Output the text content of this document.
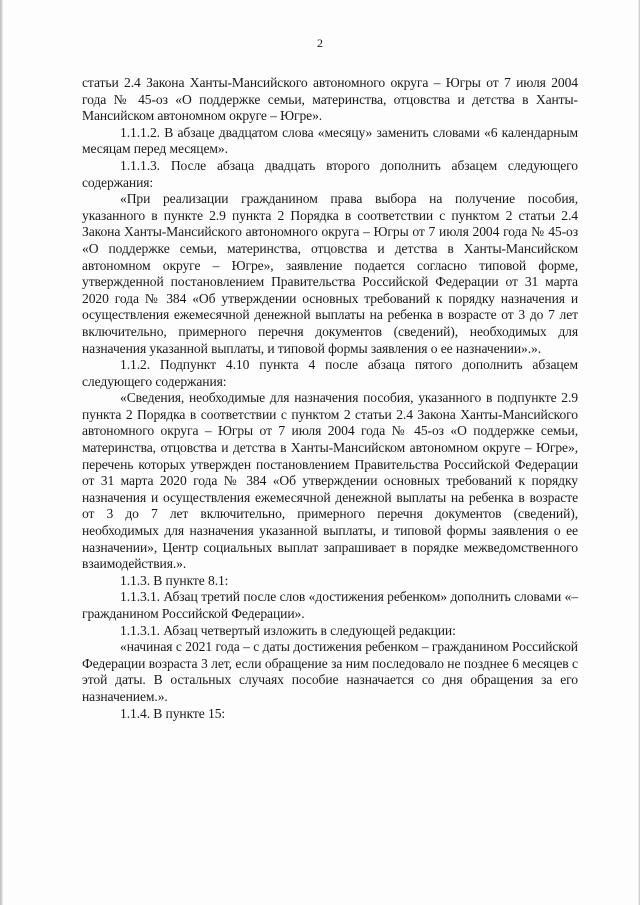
2

статьи 2.4 Закона Ханты-Мансийского автономного округа – Югры от 7 июля 2004 года № 45-оз «О поддержке семьи, материнства, отцовства и детства в Ханты-Мансийском автономном округе – Югре».

1.1.1.2. В абзаце двадцатом слова «месяцу» заменить словами «6 календарным месяцам перед месяцем».

1.1.1.3. После абзаца двадцать второго дополнить абзацем следующего содержания:

«При реализации гражданином права выбора на получение пособия, указанного в пункте 2.9 пункта 2 Порядка в соответствии с пунктом 2 статьи 2.4 Закона Ханты-Мансийского автономного округа – Югры от 7 июля 2004 года № 45-оз «О поддержке семьи, материнства, отцовства и детства в Ханты-Мансийском автономном округе – Югре», заявление подается согласно типовой форме, утвержденной постановлением Правительства Российской Федерации от 31 марта 2020 года № 384 «Об утверждении основных требований к порядку назначения и осуществления ежемесячной денежной выплаты на ребенка в возрасте от 3 до 7 лет включительно, примерного перечня документов (сведений), необходимых для назначения указанной выплаты, и типовой формы заявления о ее назначении».».

1.1.2. Подпункт 4.10 пункта 4 после абзаца пятого дополнить абзацем следующего содержания:

«Сведения, необходимые для назначения пособия, указанного в подпункте 2.9 пункта 2 Порядка в соответствии с пунктом 2 статьи 2.4 Закона Ханты-Мансийского автономного округа – Югры от 7 июля 2004 года № 45-оз «О поддержке семьи, материнства, отцовства и детства в Ханты-Мансийском автономном округе – Югре», перечень которых утвержден постановлением Правительства Российской Федерации от 31 марта 2020 года № 384 «Об утверждении основных требований к порядку назначения и осуществления ежемесячной денежной выплаты на ребенка в возрасте от 3 до 7 лет включительно, примерного перечня документов (сведений), необходимых для назначения указанной выплаты, и типовой формы заявления о ее назначении», Центр социальных выплат запрашивает в порядке межведомственного взаимодействия.».

1.1.3. В пункте 8.1:

1.1.3.1. Абзац третий после слов «достижения ребенком» дополнить словами «– гражданином Российской Федерации».

1.1.3.1. Абзац четвертый изложить в следующей редакции:

«начиная с 2021 года – с даты достижения ребенком – гражданином Российской Федерации возраста 3 лет, если обращение за ним последовало не позднее 6 месяцев с этой даты. В остальных случаях пособие назначается со дня обращения за его назначением.».

1.1.4. В пункте 15:
